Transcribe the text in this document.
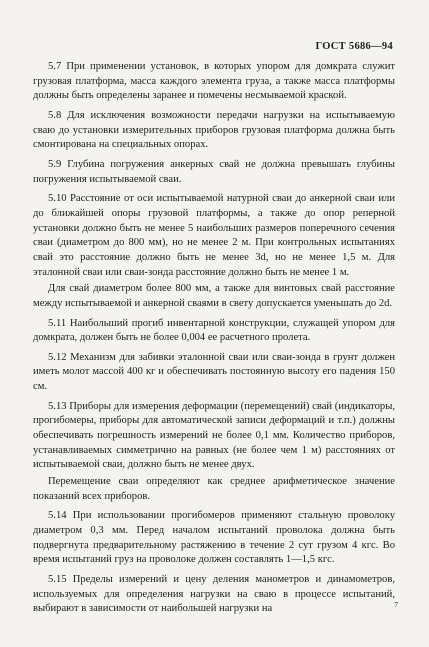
ГОСТ 5686—94

5.7 При применении установок, в которых упором для домкрата служит грузовая платформа, масса каждого элемента груза, а также масса платформы должны быть определены заранее и помечены несмываемой краской.

5.8 Для исключения возможности передачи нагрузки на испытываемую сваю до установки измерительных приборов грузовая платформа должна быть смонтирована на специальных опорах.

5.9 Глубина погружения анкерных свай не должна превышать глубины погружения испытываемой сваи.

5.10 Расстояние от оси испытываемой натурной сваи до анкерной сваи или до ближайшей опоры грузовой платформы, а также до опор реперной установки должно быть не менее 5 наибольших размеров поперечного сечения сваи (диаметром до 800 мм), но не менее 2 м. При контрольных испытаниях свай это расстояние должно быть не менее 3d, но не менее 1,5 м. Для эталонной сваи или сваи-зонда расстояние должно быть не менее 1 м.

Для свай диаметром более 800 мм, а также для винтовых свай расстояние между испытываемой и анкерной сваями в свету допускается уменьшать до 2d.

5.11 Наибольший прогиб инвентарной конструкции, служащей упором для домкрата, должен быть не более 0,004 ее расчетного пролета.

5.12 Механизм для забивки эталонной сваи или сваи-зонда в грунт должен иметь молот массой 400 кг и обеспечивать постоянную высоту его падения 150 см.

5.13 Приборы для измерения деформации (перемещений) свай (индикаторы, прогибомеры, приборы для автоматической записи деформаций и т.п.) должны обеспечивать погрешность измерений не более 0,1 мм. Количество приборов, устанавливаемых симметрично на равных (не более чем 1 м) расстояниях от испытываемой сваи, должно быть не менее двух.

Перемещение сваи определяют как среднее арифметическое значение показаний всех приборов.

5.14 При использовании прогибомеров применяют стальную проволоку диаметром 0,3 мм. Перед началом испытаний проволока должна быть подвергнута предварительному растяжению в течение 2 сут грузом 4 кгс. Во время испытаний груз на проволоке должен составлять 1—1,5 кгс.

5.15 Пределы измерений и цену деления манометров и динамометров, используемых для определения нагрузки на сваю в процессе испытаний, выбирают в зависимости от наибольшей нагрузки на	7
